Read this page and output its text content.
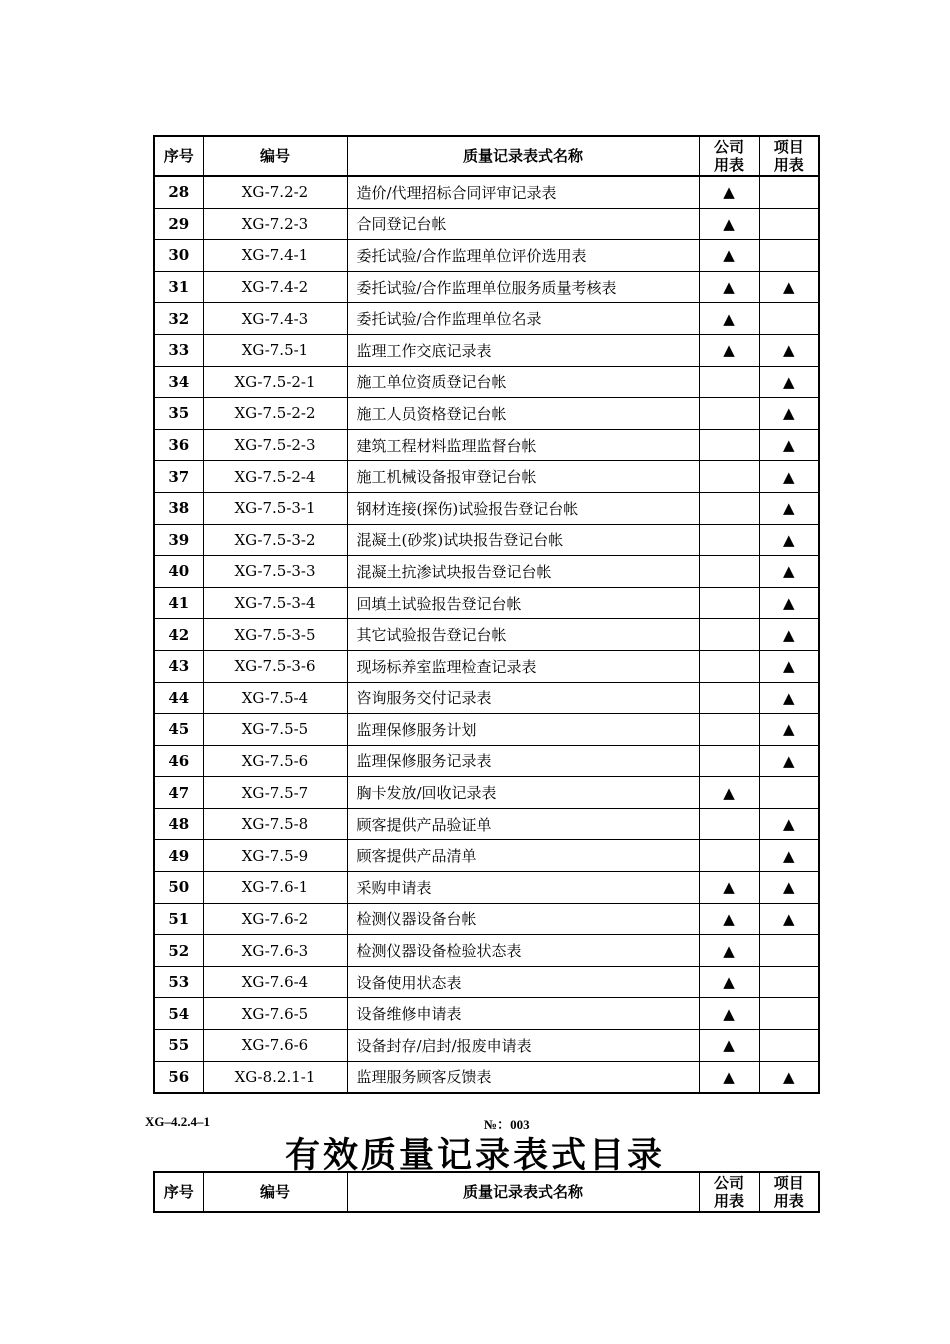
序号	编号	质量记录表式名称	公司
用表	项目
用表
28	XG-7.2-2	造价/代理招标合同评审记录表	▲	
29	XG-7.2-3	合同登记台帐	▲	
30	XG-7.4-1	委托试验/合作监理单位评价选用表	▲	
31	XG-7.4-2	委托试验/合作监理单位服务质量考核表	▲	▲
32	XG-7.4-3	委托试验/合作监理单位名录	▲	
33	XG-7.5-1	监理工作交底记录表	▲	▲
34	XG-7.5-2-1	施工单位资质登记台帐		▲
35	XG-7.5-2-2	施工人员资格登记台帐		▲
36	XG-7.5-2-3	建筑工程材料监理监督台帐		▲
37	XG-7.5-2-4	施工机械设备报审登记台帐		▲
38	XG-7.5-3-1	钢材连接(探伤)试验报告登记台帐		▲
39	XG-7.5-3-2	混凝土(砂浆)试块报告登记台帐		▲
40	XG-7.5-3-3	混凝土抗渗试块报告登记台帐		▲
41	XG-7.5-3-4	回填土试验报告登记台帐		▲
42	XG-7.5-3-5	其它试验报告登记台帐		▲
43	XG-7.5-3-6	现场标养室监理检查记录表		▲
44	XG-7.5-4	咨询服务交付记录表		▲
45	XG-7.5-5	监理保修服务计划		▲
46	XG-7.5-6	监理保修服务记录表		▲
47	XG-7.5-7	胸卡发放/回收记录表	▲	
48	XG-7.5-8	顾客提供产品验证单		▲
49	XG-7.5-9	顾客提供产品清单		▲
50	XG-7.6-1	采购申请表	▲	▲
51	XG-7.6-2	检测仪器设备台帐	▲	▲
52	XG-7.6-3	检测仪器设备检验状态表	▲	
53	XG-7.6-4	设备使用状态表	▲	
54	XG-7.6-5	设备维修申请表	▲	
55	XG-7.6-6	设备封存/启封/报废申请表	▲	
56	XG-8.2.1-1	监理服务顾客反馈表	▲	▲
XG–4.2.4–1	№：003
有效质量记录表式目录
序号	编号	质量记录表式名称	公司
用表	项目
用表
